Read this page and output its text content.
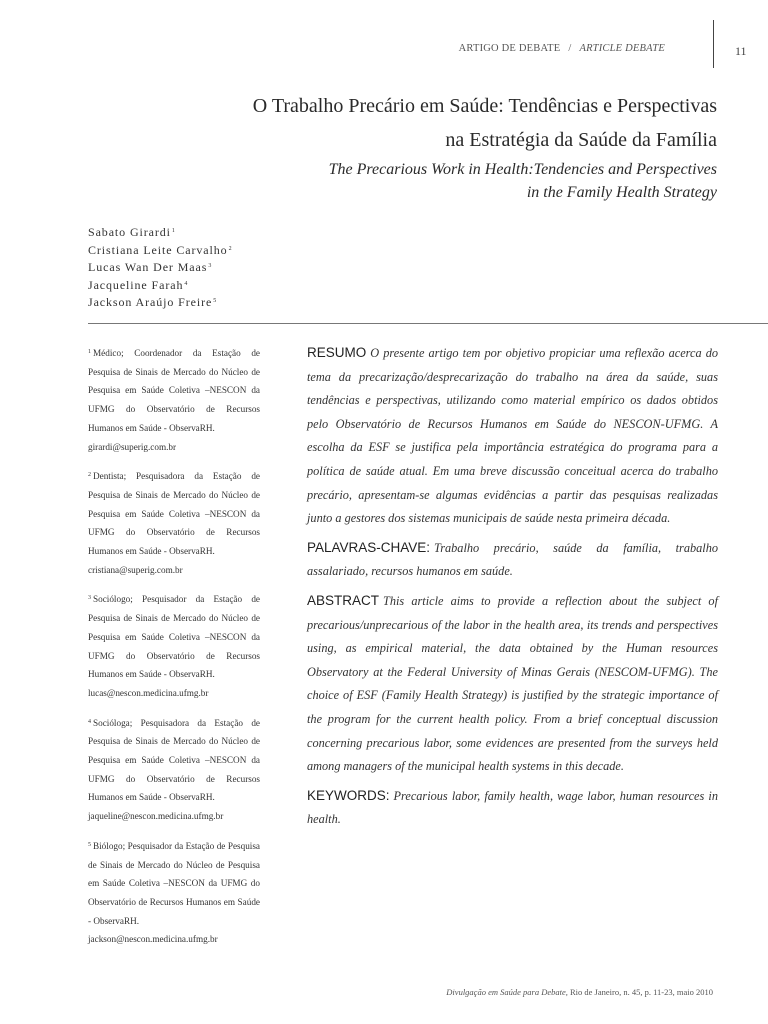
ARTIGO DE DEBATE / ARTICLE DEBATE	11
O Trabalho Precário em Saúde: Tendências e Perspectivas
na Estratégia da Saúde da Família
The Precarious Work in Health:Tendencies and Perspectives
in the Family Health Strategy
Sabato Girardi$^1$
Cristiana Leite Carvalho$^2$
Lucas Wan Der Maas$^3$
Jacqueline Farah$^4$
Jackson Araújo Freire$^5$
$^1$ Médico; Coordenador da Estação de Pesquisa de Sinais de Mercado do Núcleo de Pesquisa em Saúde Coletiva –NESCON da UFMG do Observatório de Recursos Humanos em Saúde - ObservaRH.
girardi@superig.com.br
$^2$ Dentista; Pesquisadora da Estação de Pesquisa de Sinais de Mercado do Núcleo de Pesquisa em Saúde Coletiva –NESCON da UFMG do Observatório de Recursos Humanos em Saúde - ObservaRH.
cristiana@superig.com.br
$^3$ Sociólogo; Pesquisador da Estação de Pesquisa de Sinais de Mercado do Núcleo de Pesquisa em Saúde Coletiva –NESCON da UFMG do Observatório de Recursos Humanos em Saúde - ObservaRH.
lucas@nescon.medicina.ufmg.br
$^4$ Socióloga; Pesquisadora da Estação de Pesquisa de Sinais de Mercado do Núcleo de Pesquisa em Saúde Coletiva –NESCON da UFMG do Observatório de Recursos Humanos em Saúde - ObservaRH.
jaqueline@nescon.medicina.ufmg.br
$^5$ Biólogo; Pesquisador da Estação de Pesquisa de Sinais de Mercado do Núcleo de Pesquisa em Saúde Coletiva –NESCON da UFMG do Observatório de Recursos Humanos em Saúde - ObservaRH.
jackson@nescon.medicina.ufmg.br

RESUMO O presente artigo tem por objetivo propiciar uma reflexão acerca do tema da precarização/desprecarização do trabalho na área da saúde, suas tendências e perspectivas, utilizando como material empírico os dados obtidos pelo Observatório de Recursos Humanos em Saúde do NESCON-UFMG. A escolha da ESF se justifica pela importância estratégica do programa para a política de saúde atual. Em uma breve discussão conceitual acerca do trabalho precário, apresentam-se algumas evidências a partir das pesquisas realizadas junto a gestores dos sistemas municipais de saúde nesta primeira década.

PALAVRAS-CHAVE: Trabalho precário, saúde da família, trabalho assalariado, recursos humanos em saúde.

ABSTRACT This article aims to provide a reflection about the subject of precarious/unprecarious of the labor in the health area, its trends and perspectives using, as empirical material, the data obtained by the Human resources Observatory at the Federal University of Minas Gerais (NESCOM-UFMG). The choice of ESF (Family Health Strategy) is justified by the strategic importance of the program for the current health policy. From a brief conceptual discussion concerning precarious labor, some evidences are presented from the surveys held among managers of the municipal health systems in this decade.

KEYWORDS: Precarious labor, family health, wage labor, human resources in health.

Divulgação em Saúde para Debate, Rio de Janeiro, n. 45, p. 11-23, maio 2010
